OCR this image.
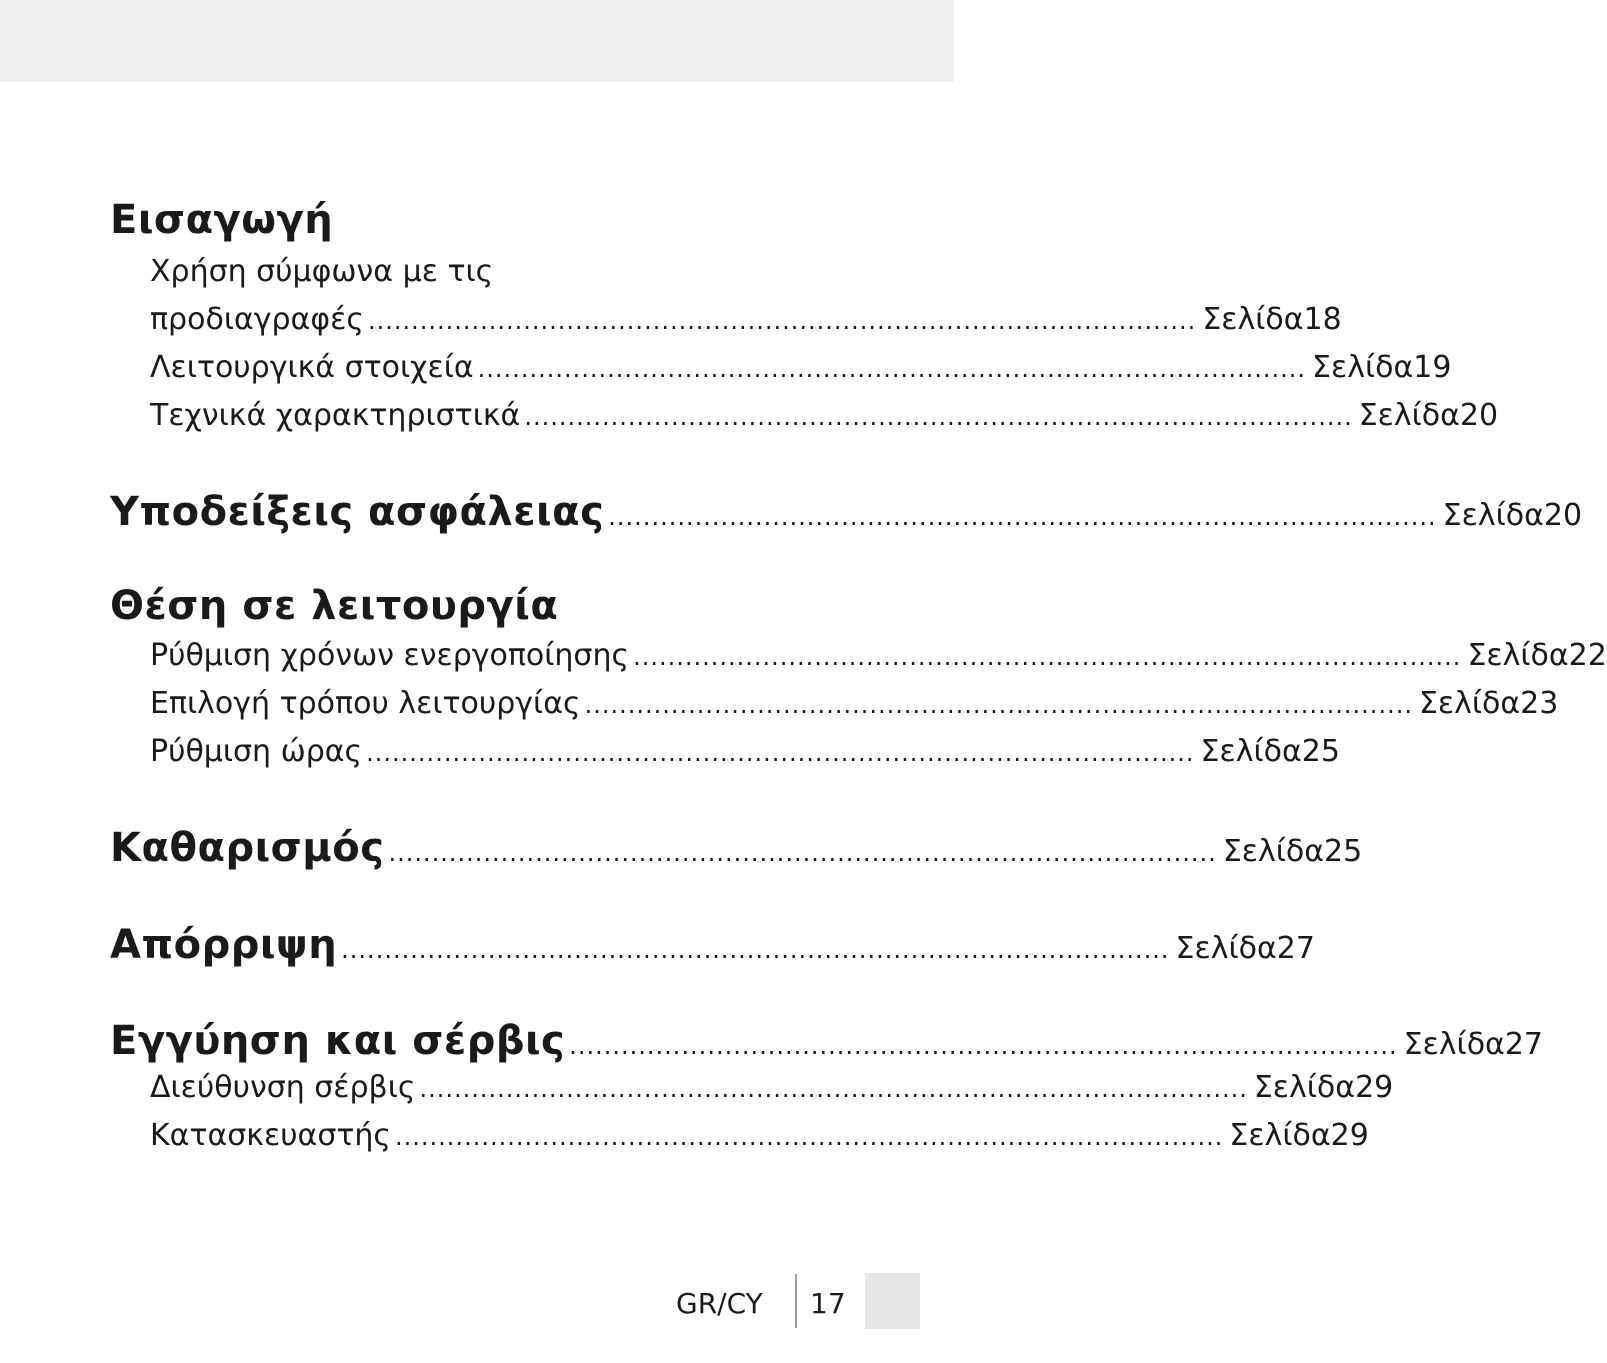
Εισαγωγή
Χρήση σύμφωνα με τις
προδιαγραφές ................................................................................................ Σελίδα 18
Λειτουργικά στοιχεία ................................................................................................ Σελίδα 19
Τεχνικά χαρακτηριστικά ................................................................................................ Σελίδα 20
Υποδείξεις ασφάλειας ................................................................................................ Σελίδα 20
Θέση σε λειτουργία
Ρύθμιση χρόνων ενεργοποίησης ................................................................................................ Σελίδα 22
Επιλογή τρόπου λειτουργίας ................................................................................................ Σελίδα 23
Ρύθμιση ώρας ................................................................................................ Σελίδα 25
Καθαρισμός ................................................................................................ Σελίδα 25
Απόρριψη ................................................................................................ Σελίδα 27
Εγγύηση και σέρβις ................................................................................................ Σελίδα 27
Διεύθυνση σέρβις ................................................................................................ Σελίδα 29
Κατασκευαστής ................................................................................................ Σελίδα 29
GR/CY 17
